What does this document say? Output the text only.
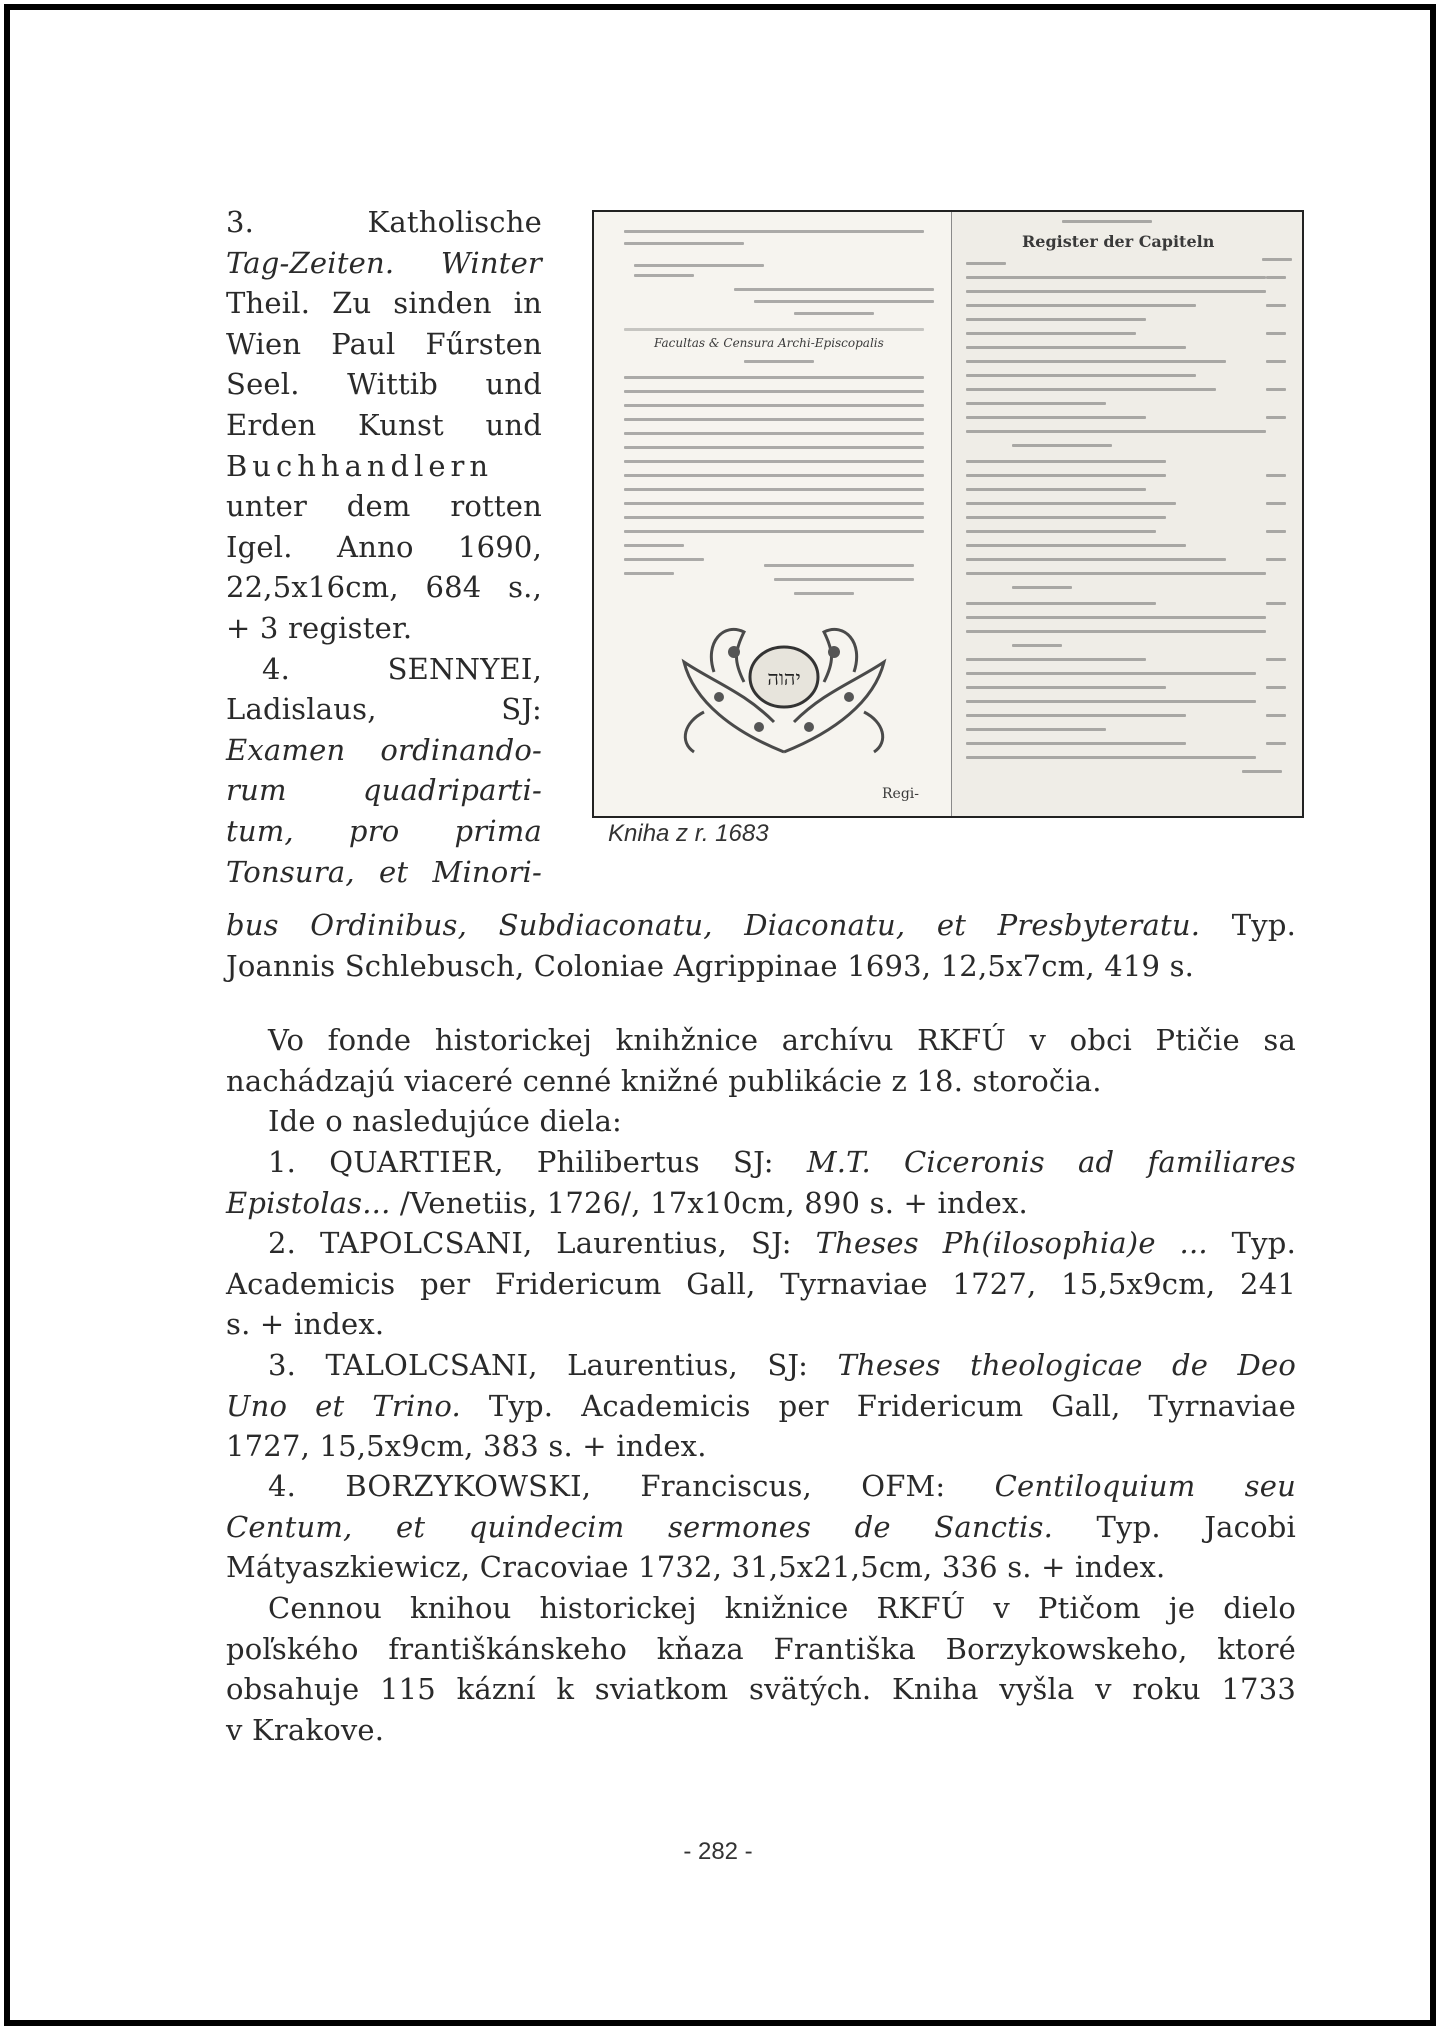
3. Katholische
Tag-Zeiten. Winter
Theil. Zu sinden in
Wien Paul Fűrsten
Seel. Wittib und
Erden Kunst und
Buchhandlern
unter dem rotten
Igel. Anno 1690,
22,5x16cm, 684 s.,
+ 3 register.
4. SENNYEI,
Ladislaus, SJ:
Examen ordinando-
rum quadriparti-
tum, pro prima
Tonsura, et Minori-
Facultas & Censura Archi-Episcopalis
יהוה
Regi-
Register der Capiteln
Kniha z r. 1683
bus Ordinibus, Subdiaconatu, Diaconatu, et Presbyteratu. Typ.
Joannis Schlebusch, Coloniae Agrippinae 1693, 12,5x7cm, 419 s.
Vo fonde historickej knihžnice archívu RKFÚ v obci Ptičie sa
nachádzajú viaceré cenné knižné publikácie z 18. storočia.
Ide o nasledujúce diela:
1. QUARTIER, Philibertus SJ: M.T. Ciceronis ad familiares
Epistolas... /Venetiis, 1726/, 17x10cm, 890 s. + index.
2. TAPOLCSANI, Laurentius, SJ: Theses Ph(ilosophia)e ... Typ.
Academicis per Fridericum Gall, Tyrnaviae 1727, 15,5x9cm, 241
s. + index.
3. TALOLCSANI, Laurentius, SJ: Theses theologicae de Deo
Uno et Trino. Typ. Academicis per Fridericum Gall, Tyrnaviae
1727, 15,5x9cm, 383 s. + index.
4. BORZYKOWSKI, Franciscus, OFM: Centiloquium seu
Centum, et quindecim sermones de Sanctis. Typ. Jacobi
Mátyaszkiewicz, Cracoviae 1732, 31,5x21,5cm, 336 s. + index.
Cennou knihou historickej knižnice RKFÚ v Ptičom je dielo
poľského františkánskeho kňaza Františka Borzykowskeho, ktoré
obsahuje 115 kázní k sviatkom svätých. Kniha vyšla v roku 1733
v Krakove.
- 282 -
